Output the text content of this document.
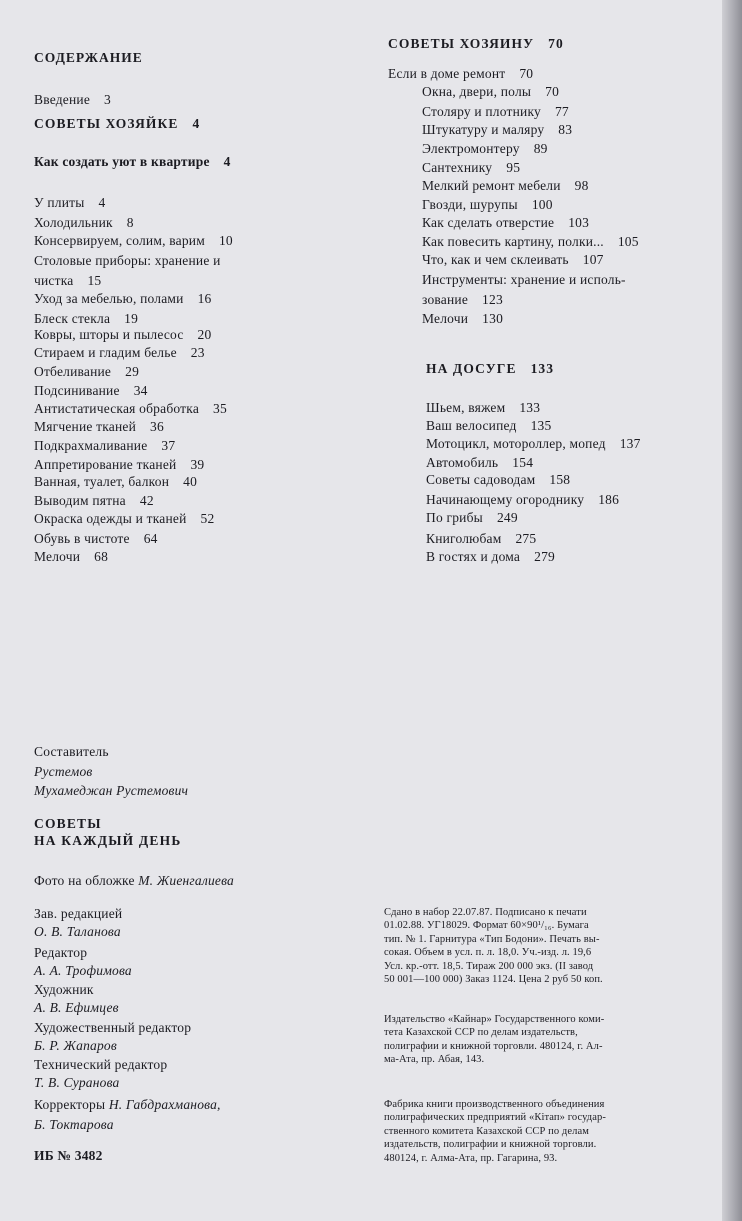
СОДЕРЖАНИЕ
Введение 3
СОВЕТЫ ХОЗЯЙКЕ 4
Как создать уют в квартире 4
У плиты 4
Холодильник 8
Консервируем, солим, варим 10
Столовые приборы: хранение и
чистка 15
Уход за мебелью, полами 16
Блеск стекла 19
Ковры, шторы и пылесос 20
Стираем и гладим белье 23
Отбеливание 29
Подсинивание 34
Антистатическая обработка 35
Мягчение тканей 36
Подкрахмаливание 37
Аппретирование тканей 39
Ванная, туалет, балкон 40
Выводим пятна 42
Окраска одежды и тканей 52
Обувь в чистоте 64
Мелочи 68
СОВЕТЫ ХОЗЯИНУ 70
Если в доме ремонт 70
Окна, двери, полы 70
Столяру и плотнику 77
Штукатуру и маляру 83
Электромонтеру 89
Сантехнику 95
Мелкий ремонт мебели 98
Гвозди, шурупы 100
Как сделать отверстие 103
Как повесить картину, полки... 105
Что, как и чем склеивать 107
Инструменты: хранение и исполь-
зование 123
Мелочи 130
НА ДОСУГЕ 133
Шьем, вяжем 133
Ваш велосипед 135
Мотоцикл, мотороллер, мопед 137
Автомобиль 154
Советы садоводам 158
Начинающему огороднику 186
По грибы 249
Книголюбам 275
В гостях и дома 279
Составитель
Рустемов
Мухамеджан Рустемович
СОВЕТЫ
НА КАЖДЫЙ ДЕНЬ
Фото на обложке М. Жиенгалиева
Зав. редакцией
О. В. Таланова
Редактор
А. А. Трофимова
Художник
А. В. Ефимцев
Художественный редактор
Б. Р. Жапаров
Технический редактор
Т. В. Суранова
Корректоры Н. Габдрахманова,
Б. Токтарова
ИБ № 3482
Сдано в набор 22.07.87. Подписано к печати
01.02.88. УГ18029. Формат 60×90¹/₁₆. Бумага
тип. № 1. Гарнитура «Тип Бодони». Печать вы-
сокая. Объем в усл. п. л. 18,0. Уч.-изд. л. 19,6
Усл. кр.-отт. 18,5. Тираж 200 000 экз. (II завод
50 001—100 000) Заказ 1124. Цена 2 руб 50 коп.
Издательство «Кайнар» Государственного коми-
тета Казахской ССР по делам издательств,
полиграфии и книжной торговли. 480124, г. Ал-
ма-Ата, пр. Абая, 143.
Фабрика книги производственного объединения
полиграфических предприятий «Кітап» государ-
ственного комитета Казахской ССР по делам
издательств, полиграфии и книжной торговли.
480124, г. Алма-Ата, пр. Гагарина, 93.
